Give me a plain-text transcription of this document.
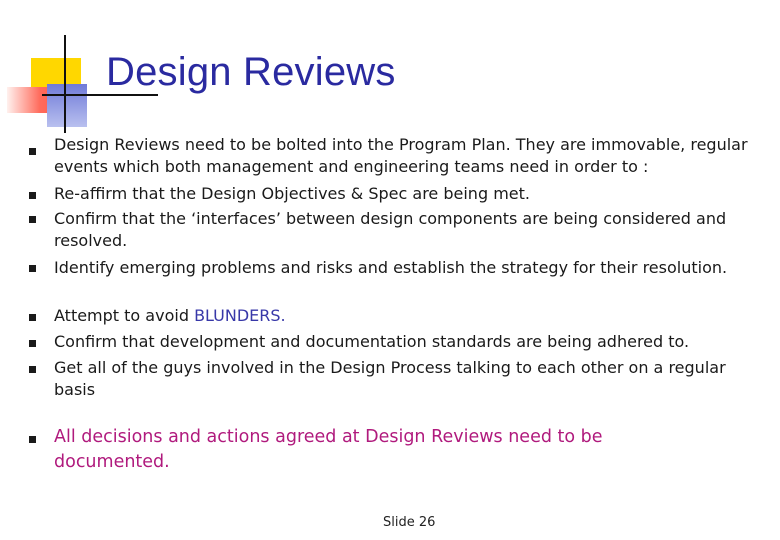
Design Reviews
Design Reviews need to be bolted into the Program Plan. They are immovable, regular events which both management and engineering teams need in order to :
Re-affirm that the Design Objectives & Spec are being met.
Confirm that the ‘interfaces’ between design components are being considered and resolved.
Identify emerging problems and risks and establish the strategy for their resolution.
Attempt to avoid BLUNDERS.
Confirm that development and documentation standards are being adhered to.
Get all of the guys involved in the Design Process talking to each other on a regular basis
All decisions and actions agreed at Design Reviews need to be documented.
Slide 26
